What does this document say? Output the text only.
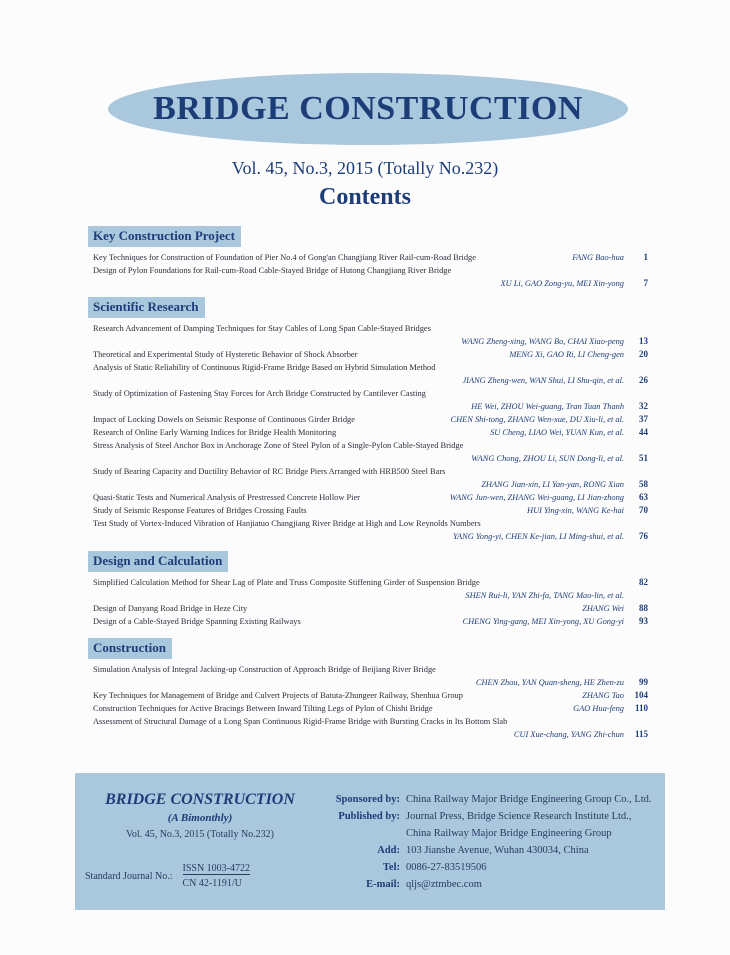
BRIDGE CONSTRUCTION
Vol. 45, No.3, 2015 (Totally No.232)
Contents
Key Construction Project
Key Techniques for Construction of Foundation of Pier No.4 of Gong'an Changjiang River Rail-cum-Road Bridge	FANG Bao-hua	1
Design of Pylon Foundations for Rail-cum-Road Cable-Stayed Bridge of Hutong Changjiang River Bridge
XU Li, GAO Zong-yu, MEI Xin-yong 7
Scientific Research
Research Advancement of Damping Techniques for Stay Cables of Long Span Cable-Stayed Bridges
WANG Zheng-xing, WANG Bo, CHAI Xiao-peng 13
Theoretical and Experimental Study of Hysteretic Behavior of Shock Absorber	MENG Xi, GAO Ri, LI Cheng-gen	20
Analysis of Static Reliability of Continuous Rigid-Frame Bridge Based on Hybrid Simulation Method
JIANG Zheng-wen, WAN Shui, LI Shu-qin, et al. 26
Study of Optimization of Fastening Stay Forces for Arch Bridge Constructed by Cantilever Casting
HE Wei, ZHOU Wei-guang, Tran Tuan Thanh 32
Impact of Locking Dowels on Seismic Response of Continuous Girder Bridge	CHEN Shi-tong, ZHANG Wen-xue, DU Xiu-li, et al.	37
Research of Online Early Warning Indices for Bridge Health Monitoring	SU Cheng, LIAO Wei, YUAN Kun, et al.	44
Stress Analysis of Steel Anchor Box in Anchorage Zone of Steel Pylon of a Single-Pylon Cable-Stayed Bridge
WANG Chong, ZHOU Li, SUN Dong-li, et al. 51
Study of Bearing Capacity and Ductility Behavior of RC Bridge Piers Arranged with HRB500 Steel Bars
ZHANG Jian-xin, LI Yan-yan, RONG Xian 58
Quasi-Static Tests and Numerical Analysis of Prestressed Concrete Hollow Pier	WANG Jun-wen, ZHANG Wei-guang, LI Jian-zhong	63
Study of Seismic Response Features of Bridges Crossing Faults	HUI Ying-xin, WANG Ke-hai	70
Test Study of Vortex-Induced Vibration of Hanjiatuo Changjiang River Bridge at High and Low Reynolds Numbers
YANG Yong-yi, CHEN Ke-jian, LI Ming-shui, et al. 76
Design and Calculation
Simplified Calculation Method for Shear Lag of Plate and Truss Composite Stiffening Girder of Suspension Bridge	82
SHEN Rui-li, YAN Zhi-fa, TANG Mao-lin, et al.
Design of Danyang Road Bridge in Heze City	ZHANG Wei	88
Design of a Cable-Stayed Bridge Spanning Existing Railways	CHENG Ying-gang, MEI Xin-yong, XU Gong-yi	93
Construction
Simulation Analysis of Integral Jacking-up Construction of Approach Bridge of Beijiang River Bridge
CHEN Zhou, YAN Quan-sheng, HE Zhen-zu 99
Key Techniques for Management of Bridge and Culvert Projects of Batuta-Zhungeer Railway, Shenhua Group	ZHANG Tao	104
Construction Techniques for Active Bracings Between Inward Tilting Legs of Pylon of Chishi Bridge	GAO Hua-feng	110
Assessment of Structural Damage of a Long Span Continuous Rigid-Frame Bridge with Bursting Cracks in Its Bottom Slab
CUI Xue-chang, YANG Zhi-chun 115
BRIDGE CONSTRUCTION
(A Bimonthly)
Vol. 45, No.3, 2015 (Totally No.232)
Standard Journal No.:
ISSN 1003-4722
CN 42-1191/U
Sponsored by: China Railway Major Bridge Engineering Group Co., Ltd.
Published by: Journal Press, Bridge Science Research Institute Ltd.,
China Railway Major Bridge Engineering Group
Add: 103 Jianshe Avenue, Wuhan 430034, China
Tel: 0086-27-83519506
E-mail: qljs@ztmbec.com
